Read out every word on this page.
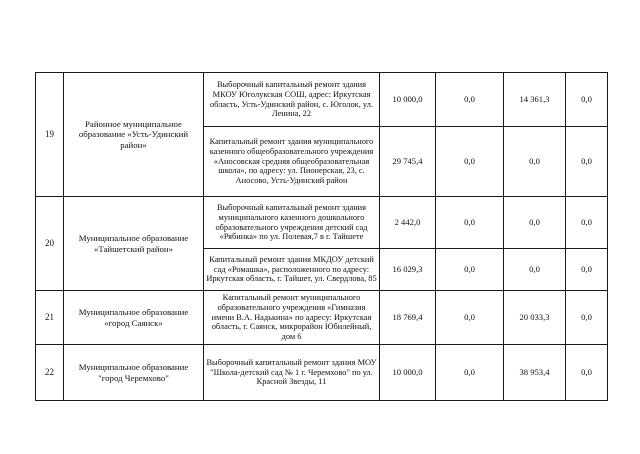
19	Районное муниципальное образование «Усть-Удинский район»	Выборочный капитальный ремонт здания МКОУ Юголукская СОШ, адрес: Иркутская область, Усть-Удинский район, с. Юголок, ул. Ленина, 22	10 000,0	0,0	14 361,3	0,0
		Капитальный ремонт здания муниципального казенного общеобразовательного учреждения «Аносовская средняя общеобразовательная школа», по адресу: ул. Пионерская, 23, с. Аносово, Усть-Удинский район	29 745,4	0,0	0,0	0,0
20	Муниципальное образование «Тайшетский район»	Выборочный капитальный ремонт здания муниципального казенного дошкольного образовательного учреждения детский сад «Рябинка» по ул. Полевая,7 в г. Тайшете	2 442,0	0,0	0,0	0,0
		Капитальный ремонт здания МКДОУ детский сад «Ромашка», расположенного по адресу: Иркутская область, г. Тайшет, ул. Свердлова, 85	16 029,3	0,0	0,0	0,0
21	Муниципальное образование «город Саянск»	Капитальный ремонт муниципального образовательного учреждения «Гимназия имени В.А. Надькина» по адресу: Иркутская область, г. Саянск, микрорайон Юбилейный, дом 6	18 769,4	0,0	20 033,3	0,0
22	Муниципальное образование "город Черемхово"	Выборочный капитальный ремонт здания МОУ "Школа-детский сад № 1 г. Черемхово" по ул. Красной Звезды, 11	10 000,0	0,0	38 953,4	0,0
